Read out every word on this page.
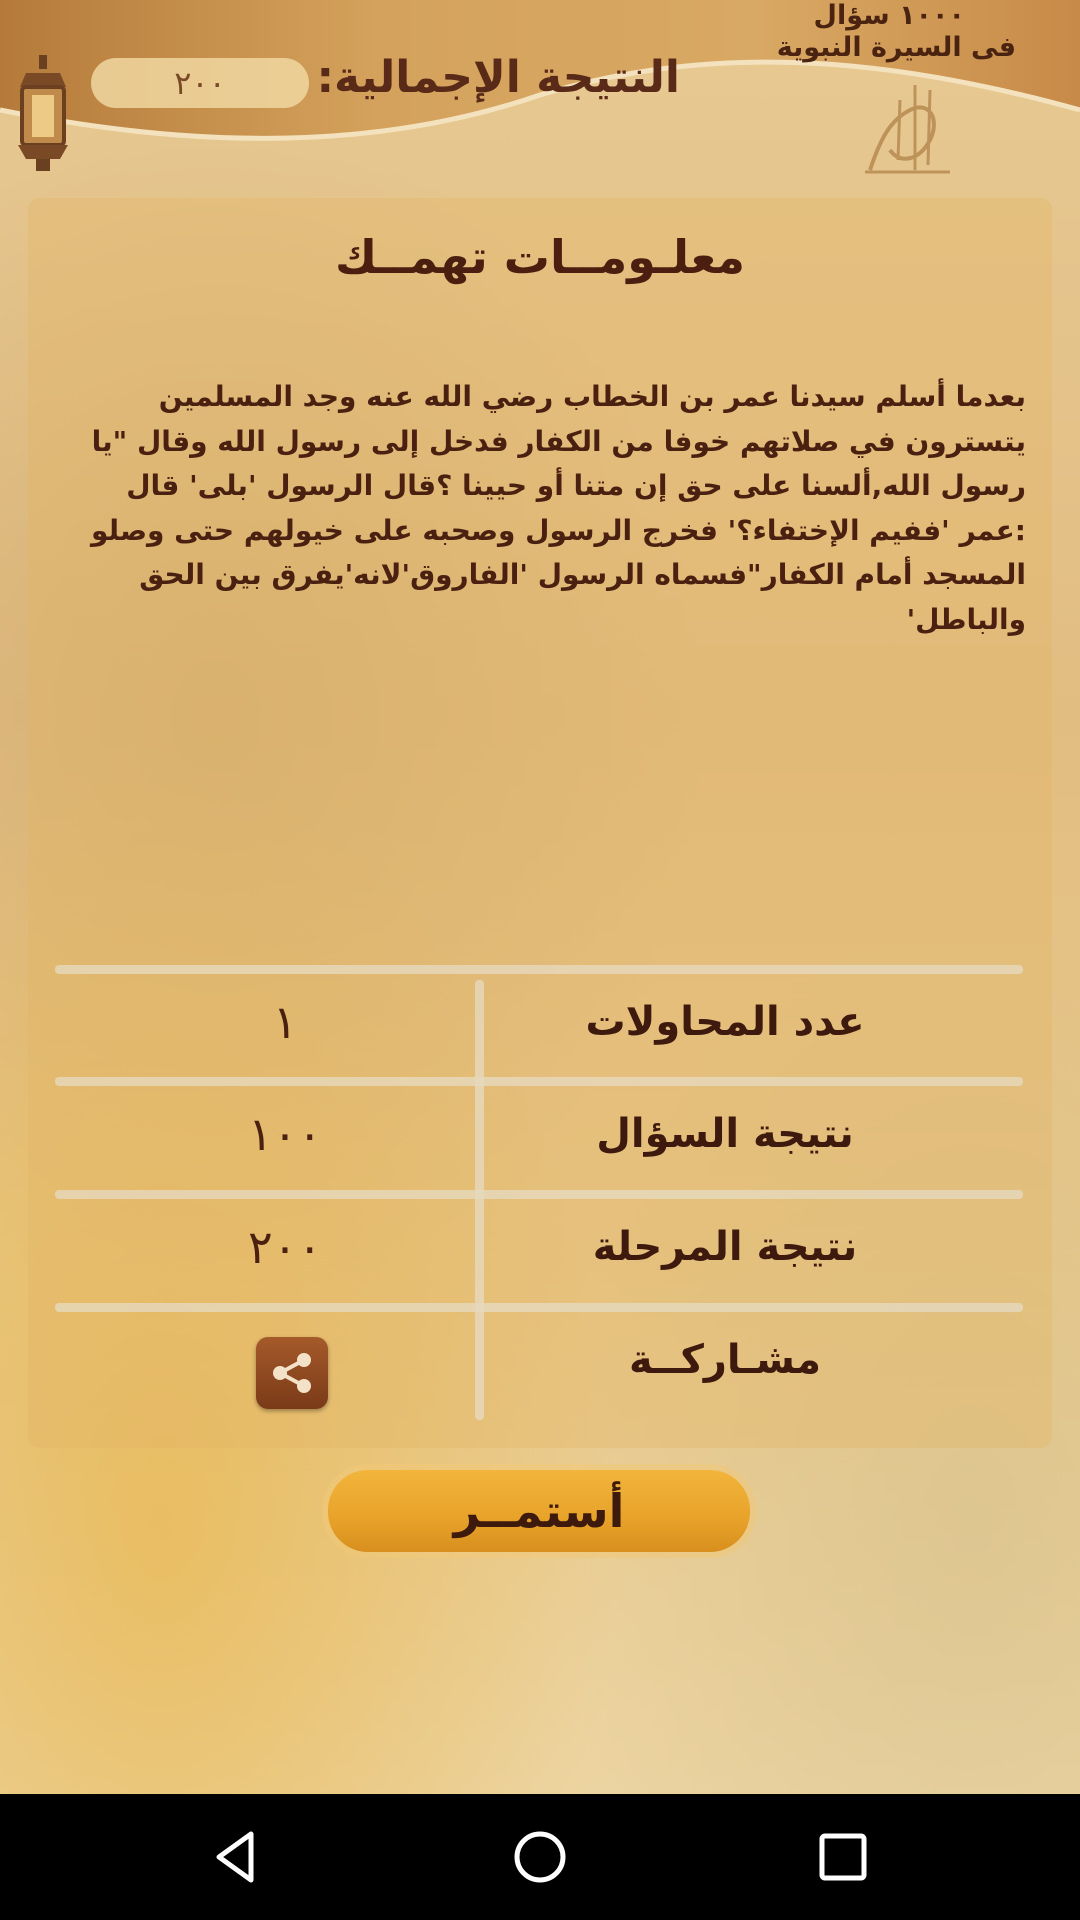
٢٠٠	النتيجة الإجمالية:
١٠٠٠ سؤال
فى السيرة النبوية
معلـومــات تهمــك
بعدما أسلم سيدنا عمر بن الخطاب رضي الله عنه وجد المسلمين يتسترون في صلاتهم خوفا من الكفار فدخل إلى رسول الله وقال "يا رسول الله,ألسنا على حق إن متنا أو حيينا ؟قال الرسول 'بلى' قال :عمر 'ففيم الإختفاء؟' فخرج الرسول وصحبه على خيولهم حتى وصلو المسجد أمام الكفار"فسماه الرسول 'الفاروق'لانه'يفرق بين الحق والباطل'
عدد المحاولات
١
نتيجة السؤال
١٠٠
نتيجة المرحلة
٢٠٠
مشـاركــة
أستمــر
